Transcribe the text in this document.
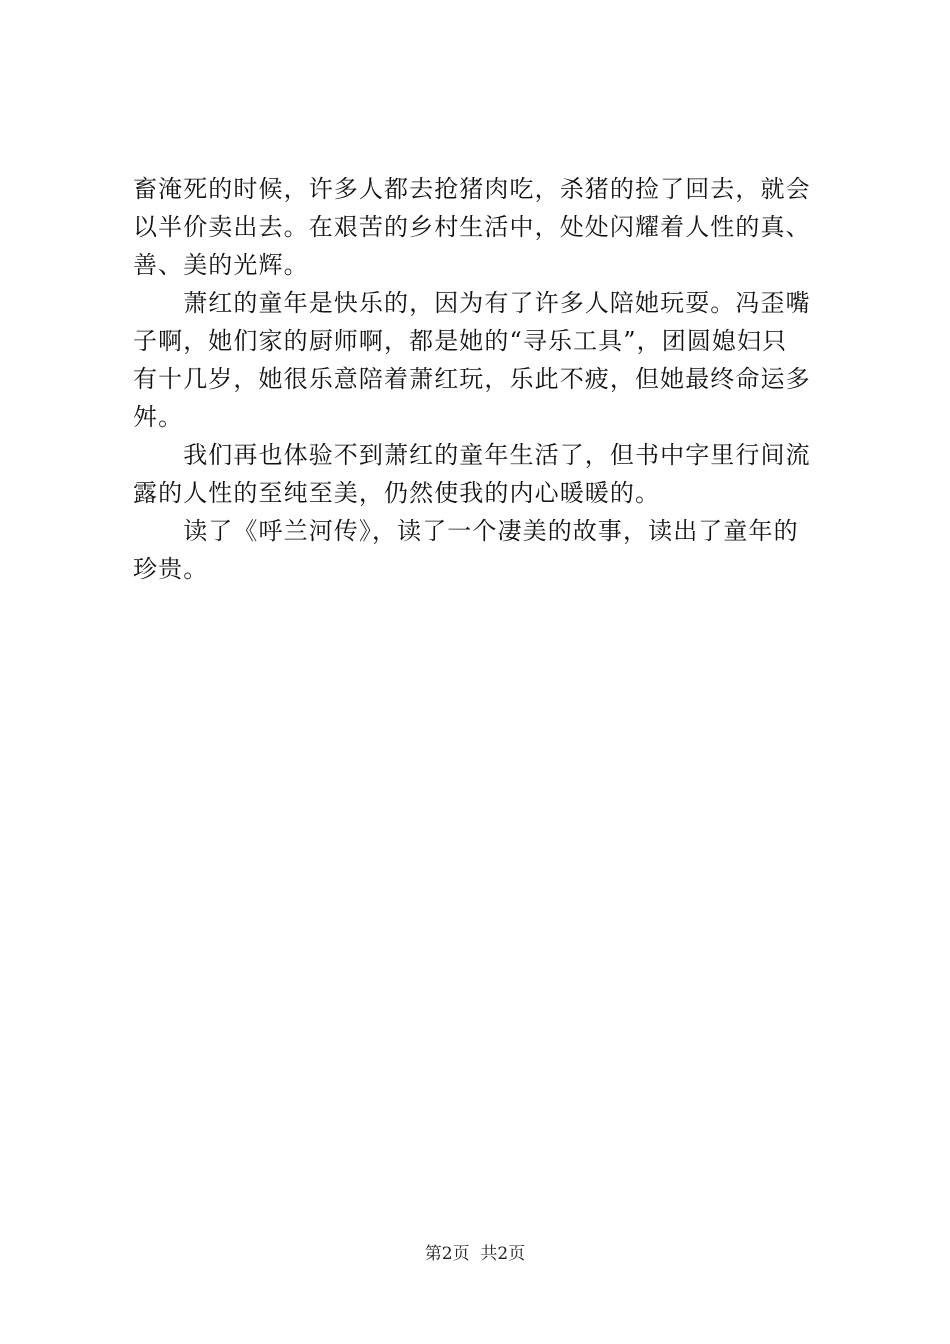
畜淹死的时候，许多人都去抢猪肉吃，杀猪的捡了回去，就会
以半价卖出去。在艰苦的乡村生活中，处处闪耀着人性的真、
善、美的光辉。
　　萧红的童年是快乐的，因为有了许多人陪她玩耍。冯歪嘴
子啊，她们家的厨师啊，都是她的“寻乐工具”，团圆媳妇只
有十几岁，她很乐意陪着萧红玩，乐此不疲，但她最终命运多
舛。
　　我们再也体验不到萧红的童年生活了，但书中字里行间流
露的人性的至纯至美，仍然使我的内心暖暖的。
　　读了《呼兰河传》，读了一个凄美的故事，读出了童年的
珍贵。
第2页  共2页
